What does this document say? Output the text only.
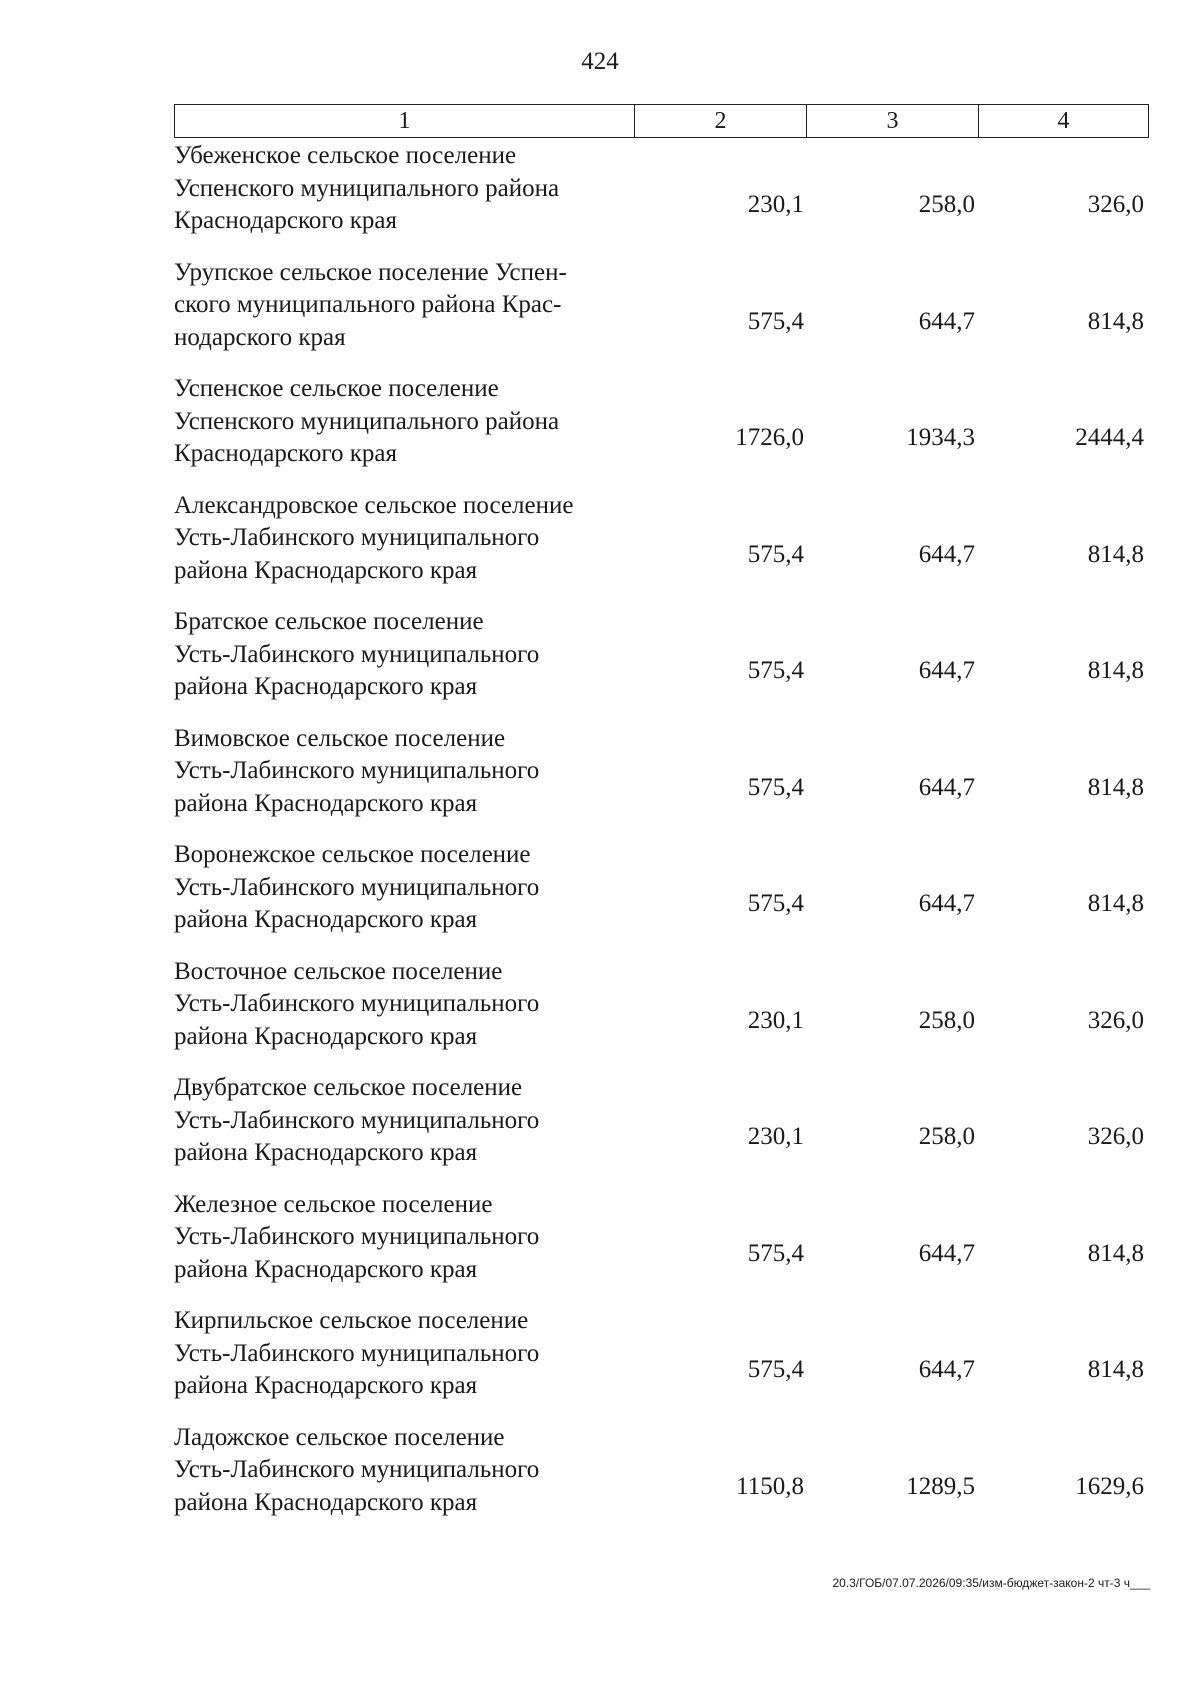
424
1	2	3	4
Убеженское сельское поселение
Успенского муниципального района
Краснодарского края
230,1	258,0	326,0
Урупское сельское поселение Успен-
ского муниципального района Крас-
нодарского края
575,4	644,7	814,8
Успенское сельское поселение
Успенского муниципального района
Краснодарского края
1726,0	1934,3	2444,4
Александровское сельское поселение
Усть-Лабинского муниципального
района Краснодарского края
575,4	644,7	814,8
Братское сельское поселение
Усть-Лабинского муниципального
района Краснодарского края
575,4	644,7	814,8
Вимовское сельское поселение
Усть-Лабинского муниципального
района Краснодарского края
575,4	644,7	814,8
Воронежское сельское поселение
Усть-Лабинского муниципального
района Краснодарского края
575,4	644,7	814,8
Восточное сельское поселение
Усть-Лабинского муниципального
района Краснодарского края
230,1	258,0	326,0
Двубратское сельское поселение
Усть-Лабинского муниципального
района Краснодарского края
230,1	258,0	326,0
Железное сельское поселение
Усть-Лабинского муниципального
района Краснодарского края
575,4	644,7	814,8
Кирпильское сельское поселение
Усть-Лабинского муниципального
района Краснодарского края
575,4	644,7	814,8
Ладожское сельское поселение
Усть-Лабинского муниципального
района Краснодарского края
1150,8	1289,5	1629,6
20.3/ГОБ/07.07.2026/09:35/изм-бюджет-закон-2 чт-3 ч___
